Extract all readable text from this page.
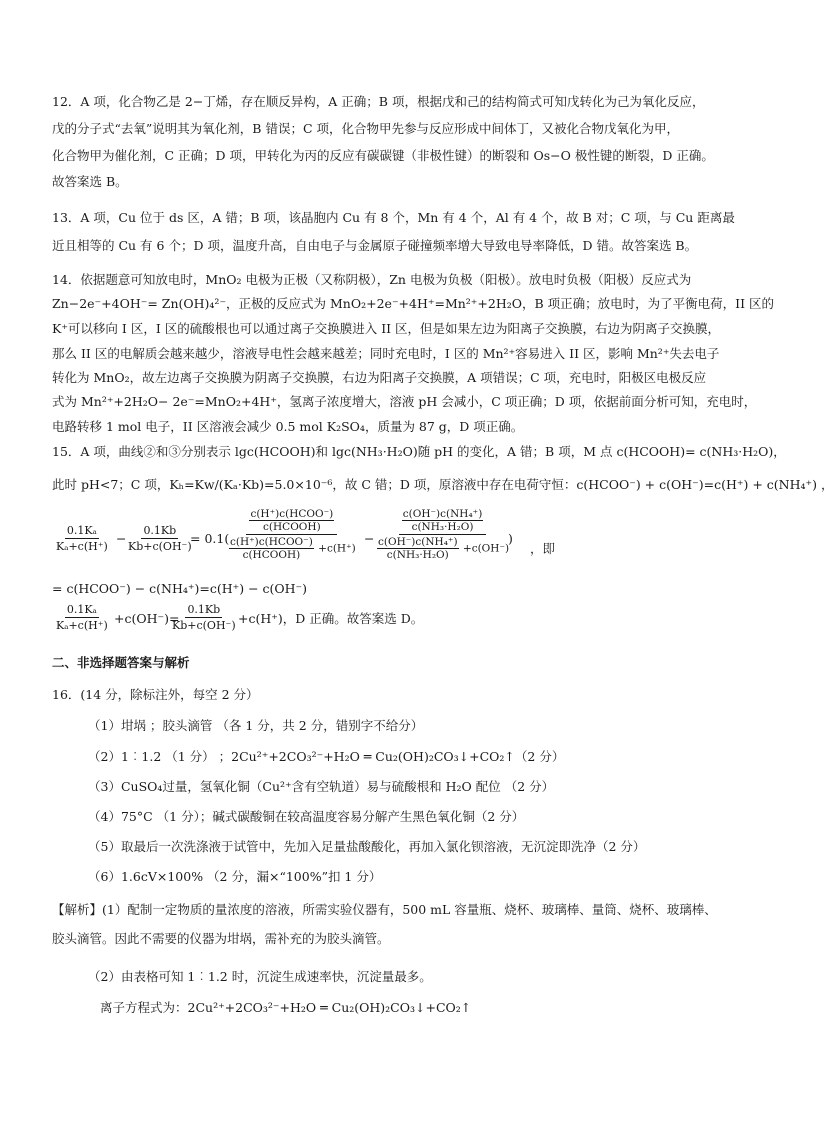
12．A 项，化合物乙是 2−丁烯，存在顺反异构，A 正确；B 项，根据戊和己的结构简式可知戊转化为己为氧化反应，
戊的分子式“去氧”说明其为氧化剂，B 错误；C 项，化合物甲先参与反应形成中间体丁，又被化合物戊氧化为甲，
化合物甲为催化剂，C 正确；D 项，甲转化为丙的反应有碳碳键（非极性键）的断裂和 Os−O 极性键的断裂，D 正确。
故答案选 B。
13．A 项，Cu 位于 ds 区，A 错；B 项，该晶胞内 Cu 有 8 个，Mn 有 4 个，Al 有 4 个，故 B 对；C 项，与 Cu 距离最
近且相等的 Cu 有 6 个；D 项，温度升高，自由电子与金属原子碰撞频率增大导致电导率降低，D 错。故答案选 B。
14．依据题意可知放电时，MnO₂ 电极为正极（又称阴极），Zn 电极为负极（阳极）。放电时负极（阳极）反应式为
Zn−2e⁻+4OH⁻= Zn(OH)₄²⁻，正极的反应式为 MnO₂+2e⁻+4H⁺=Mn²⁺+2H₂O，B 项正确；放电时，为了平衡电荷，II 区的
K⁺可以移向 I 区，I 区的硫酸根也可以通过离子交换膜进入 II 区，但是如果左边为阳离子交换膜，右边为阴离子交换膜，
那么 II 区的电解质会越来越少，溶液导电性会越来越差；同时充电时，I 区的 Mn²⁺容易进入 II 区，影响 Mn²⁺失去电子
转化为 MnO₂，故左边离子交换膜为阴离子交换膜，右边为阳离子交换膜，A 项错误；C 项，充电时，阳极区电极反应
式为 Mn²⁺+2H₂O− 2e⁻=MnO₂+4H⁺，氢离子浓度增大，溶液 pH 会减小，C 项正确；D 项，依据前面分析可知，充电时，
电路转移 1 mol 电子，II 区溶液会减少 0.5 mol K₂SO₄，质量为 87 g，D 项正确。
15．A 项，曲线②和③分别表示 lgc(HCOOH)和 lgc(NH₃·H₂O)随 pH 的变化，A 错；B 项，M 点 c(HCOOH)= c(NH₃·H₂O)，
此时 pH<7；C 项，Kₕ=Kw/(Kₐ·Kb)=5.0×10⁻⁶，故 C 错；D 项，原溶液中存在电荷守恒：c(HCOO⁻) + c(OH⁻)=c(H⁺) + c(NH₄⁺) ，
$\frac{\text{0.1Kₐ}}{\text{Kₐ+c(H⁺)}} - \frac{0.1Kb}{Kb+c(OH^-)}$
= 0.1(
$\frac{\text{c(H⁺)c(HCOO⁻)}}{\text{c(HCOOH)}}$
$\frac{\text{c(H⁺)c(HCOO⁻)}}{\text{c(HCOOH)}} +c(H^+)$
− $\frac{\frac{\text{c(OH⁻)c(NH₄⁺)}}{\text{c(NH₃·H₂O)}}}{\frac{\text{c(OH⁻)c(NH₄⁺)}}{\text{c(NH₃·H₂O)}} +c(OH^-)}$
)
，即
= c(HCOO⁻) − c(NH₄⁺)=c(H⁺) − c(OH⁻)
$\frac{\text{0.1Kₐ}}{\text{Kₐ+c(H⁺)}} +c(OH^-)=$
$\frac{0.1Kb}{Kb+c(OH^-)} +c(H^+)$，D 正确。故答案选 D。
二、非选择题答案与解析
16．(14 分，除标注外，每空 2 分）
（1）坩埚 ；胶头滴管 （各 1 分，共 2 分，错别字不给分）
（2）1︰1.2 （1 分） ；2Cu²⁺+2CO₃²⁻+H₂O ═ Cu₂(OH)₂CO₃↓+CO₂↑（2 分）
（3）CuSO₄过量，氢氧化铜（Cu²⁺含有空轨道）易与硫酸根和 H₂O 配位 （2 分）
（4）75°C （1 分）；碱式碳酸铜在较高温度容易分解产生黑色氧化铜（2 分）
（5）取最后一次洗涤液于试管中，先加入足量盐酸酸化，再加入氯化钡溶液，无沉淀即洗净（2 分）
（6）1.6cV×100% （2 分，漏×“100%”扣 1 分）
【解析】(1）配制一定物质的量浓度的溶液，所需实验仪器有，500 mL 容量瓶、烧杯、玻璃棒、量筒、烧杯、玻璃棒、
胶头滴管。因此不需要的仪器为坩埚，需补充的为胶头滴管。
（2）由表格可知 1︰1.2 时，沉淀生成速率快，沉淀量最多。
离子方程式为：2Cu²⁺+2CO₃²⁻+H₂O ═ Cu₂(OH)₂CO₃↓+CO₂↑
